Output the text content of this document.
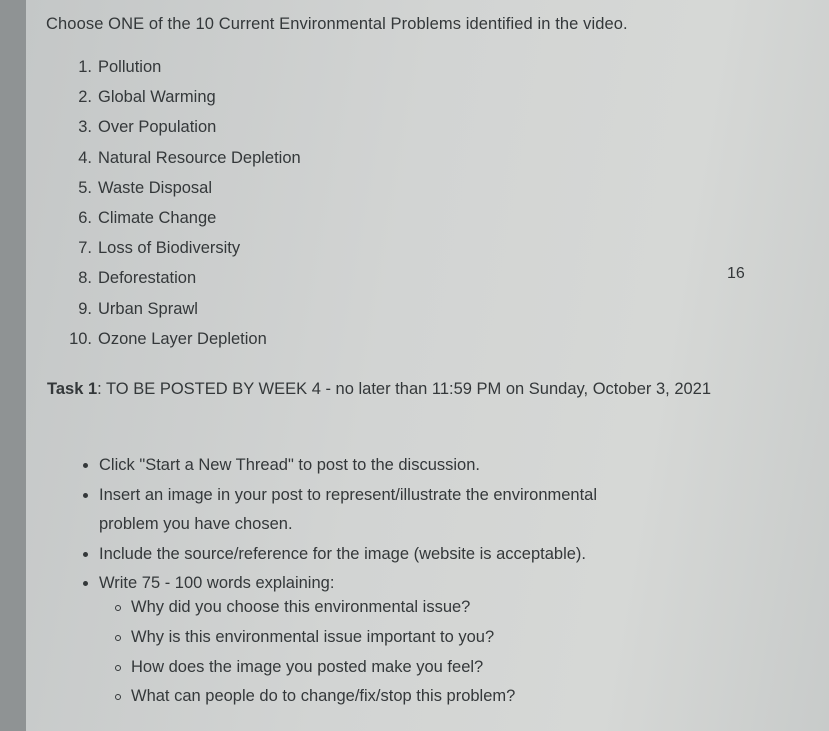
Choose ONE of the 10 Current Environmental Problems identified in the video.

1. Pollution
2. Global Warming
3. Over Population
4. Natural Resource Depletion
5. Waste Disposal
6. Climate Change
7. Loss of Biodiversity
8. Deforestation
9. Urban Sprawl
10. Ozone Layer Depletion
16

Task 1: TO BE POSTED BY WEEK 4 - no later than 11:59 PM on Sunday, October 3, 2021

Click "Start a New Thread" to post to the discussion.
Insert an image in your post to represent/illustrate the environmental problem you have chosen.
Include the source/reference for the image (website is acceptable).
Write 75 - 100 words explaining:
Why did you choose this environmental issue?
Why is this environmental issue important to you?
How does the image you posted make you feel?
What can people do to change/fix/stop this problem?
